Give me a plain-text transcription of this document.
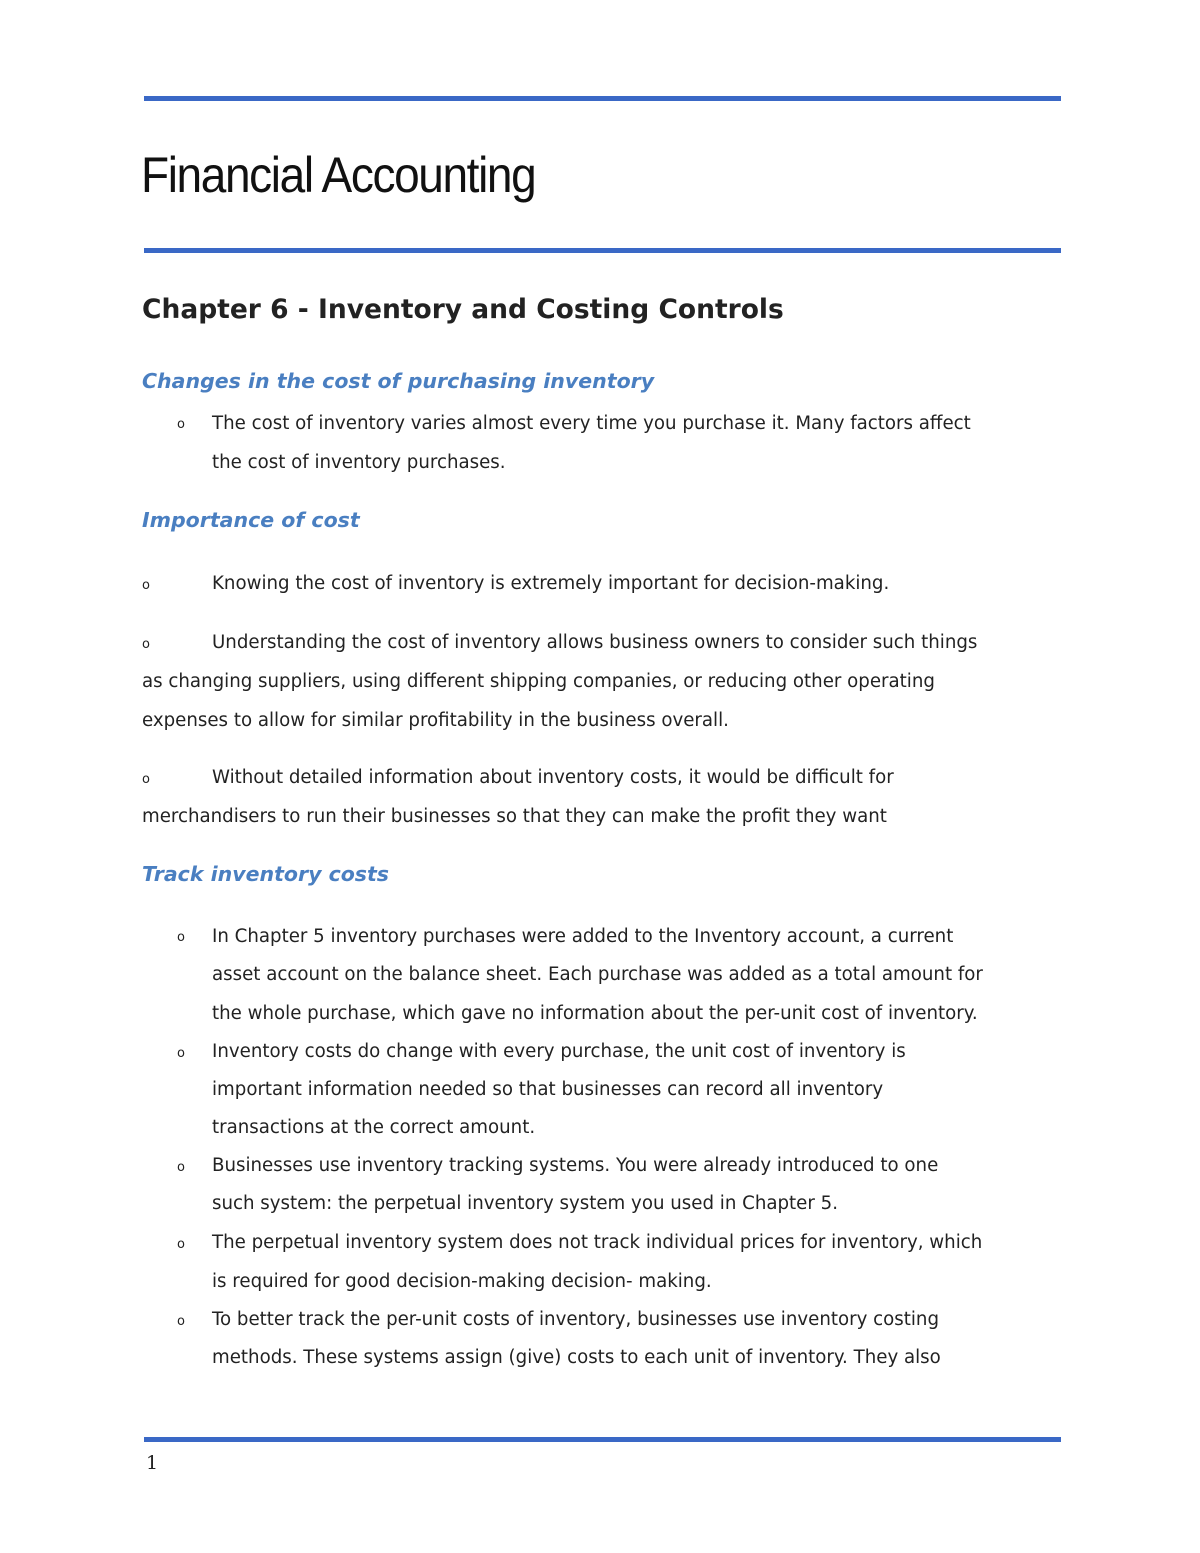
Financial Accounting
Chapter 6 - Inventory and Costing Controls
Changes in the cost of purchasing inventory
o The cost of inventory varies almost every time you purchase it. Many factors affect
the cost of inventory purchases.
Importance of cost
o	Knowing the cost of inventory is extremely important for decision-making.
o	Understanding the cost of inventory allows business owners to consider such things
as changing suppliers, using different shipping companies, or reducing other operating
expenses to allow for similar profitability in the business overall.
o	Without detailed information about inventory costs, it would be difficult for
merchandisers to run their businesses so that they can make the profit they want
Track inventory costs
o In Chapter 5 inventory purchases were added to the Inventory account, a current
asset account on the balance sheet. Each purchase was added as a total amount for
the whole purchase, which gave no information about the per-unit cost of inventory.
o Inventory costs do change with every purchase, the unit cost of inventory is
important information needed so that businesses can record all inventory
transactions at the correct amount.
o Businesses use inventory tracking systems. You were already introduced to one
such system: the perpetual inventory system you used in Chapter 5.
o The perpetual inventory system does not track individual prices for inventory, which
is required for good decision-making decision- making.
o To better track the per-unit costs of inventory, businesses use inventory costing
methods. These systems assign (give) costs to each unit of inventory. They also
1
